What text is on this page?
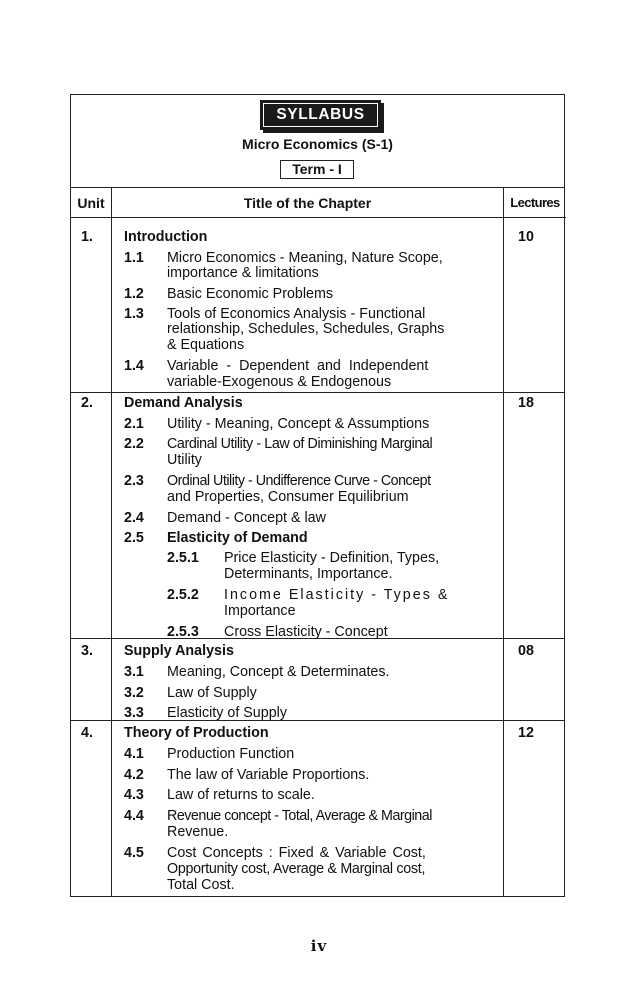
SYLLABUS
Micro Economics (S-1)
Term - I
Unit	Title of the Chapter	Lectures
1. Introduction	10
1.1 Micro Economics - Meaning, Nature Scope,
importance & limitations
1.2 Basic Economic Problems
1.3 Tools of Economics Analysis - Functional
relationship, Schedules, Schedules, Graphs
& Equations
1.4 Variable - Dependent and Independent
variable-Exogenous & Endogenous
2. Demand Analysis	18
2.1 Utility - Meaning, Concept & Assumptions
2.2 Cardinal Utility - Law of Diminishing Marginal
Utility
2.3 Ordinal Utility - Undifference Curve - Concept
and Properties, Consumer Equilibrium
2.4 Demand - Concept & law
2.5 Elasticity of Demand
2.5.1 Price Elasticity - Definition, Types,
Determinants, Importance.
2.5.2 Income Elasticity - Types &
Importance
2.5.3 Cross Elasticity - Concept
3. Supply Analysis	08
3.1 Meaning, Concept & Determinates.
3.2 Law of Supply
3.3 Elasticity of Supply
4. Theory of Production	12
4.1 Production Function
4.2 The law of Variable Proportions.
4.3 Law of returns to scale.
4.4 Revenue concept - Total, Average & Marginal
Revenue.
4.5 Cost Concepts : Fixed & Variable Cost,
Opportunity cost, Average & Marginal cost,
Total Cost.
iv
